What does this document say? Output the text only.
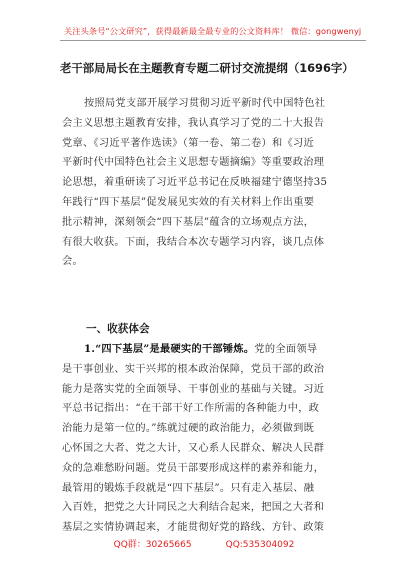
关注头条号“公文研究”，获得最新最全最专业的公文资料库！ 微信：gongwenyj
老干部局局长在主题教育专题二研讨交流提纲（1696字）
按照局党支部开展学习贯彻习近平新时代中国特色社
会主义思想主题教育安排，我认真学习了党的二十大报告
党章、《习近平著作选读》（第一卷、第二卷）和《习近
平新时代中国特色社会主义思想专题摘编》等重要政治理
论思想，着重研读了习近平总书记在反映福建宁德坚持35
年践行“四下基层”促发展见实效的有关材料上作出重要
批示精神，深刻领会“四下基层”蕴含的立场观点方法，
有很大收获。下面，我结合本次专题学习内容，谈几点体
会。
一、收获体会
1.“四下基层”是最硬实的干部锤炼。党的全面领导
是干事创业、实干兴邦的根本政治保障，党员干部的政治
能力是落实党的全面领导、干事创业的基础与关键。习近
平总书记指出：“在干部干好工作所需的各种能力中，政
治能力是第一位的。”练就过硬的政治能力，必须做到既
心怀国之大者、党之大计，又心系人民群众、解决人民群
众的急难愁盼问题。党员干部要形成这样的素养和能力，
最管用的锻炼手段就是“四下基层”。只有走入基层、融
入百姓，把党之大计同民之大利结合起来，把国之大者和
基层之实情协调起来，才能贯彻好党的路线、方针、政策
QQ群：30265665	QQ:535304092
